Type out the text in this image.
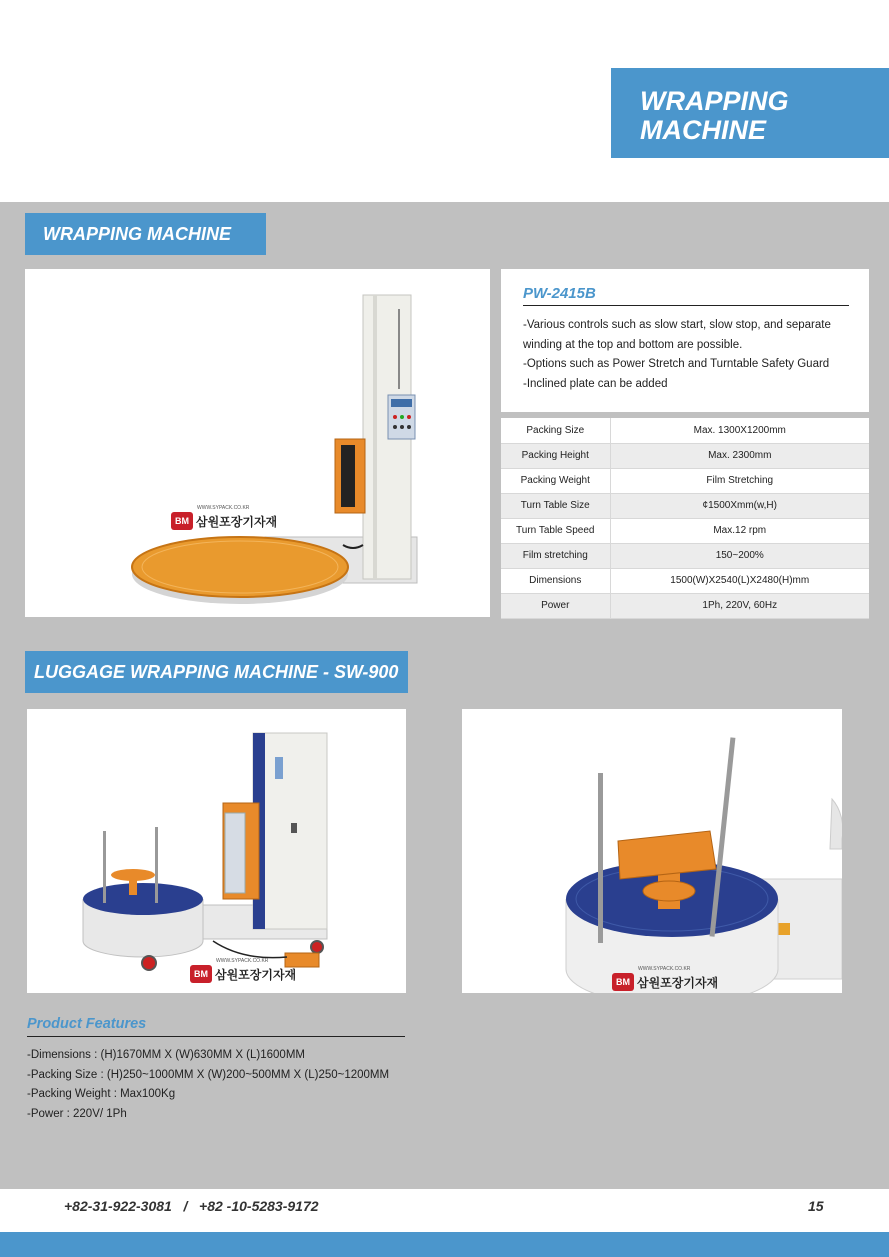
WRAPPING
MACHINE
WRAPPING MACHINE
BM 삼원포장기자재
WWW.SYPACK.CO.KR
PW-2415B
-Various controls such as slow start, slow stop, and separate
winding at the top and bottom are possible.
-Options such as Power Stretch and Turntable Safety Guard
-Inclined plate can be added
Packing Size	Max. 1300X1200mm
Packing Height	Max. 2300mm
Packing Weight	Film Stretching
Turn Table Size	¢1500Xmm(w,H)
Turn Table Speed	Max.12 rpm
Film stretching	150~200%
Dimensions	1500(W)X2540(L)X2480(H)mm
Power	1Ph, 220V, 60Hz
LUGGAGE WRAPPING MACHINE - SW-900
BM 삼원포장기자재
WWW.SYPACK.CO.KR
BM 삼원포장기자재
WWW.SYPACK.CO.KR
Product Features
-Dimensions : (H)1670MM X (W)630MM X (L)1600MM
-Packing Size : (H)250~1000MM X (W)200~500MM X (L)250~1200MM
-Packing Weight : Max100Kg
-Power : 220V/ 1Ph
+82-31-922-3081   /   +82 -10-5283-9172	15
